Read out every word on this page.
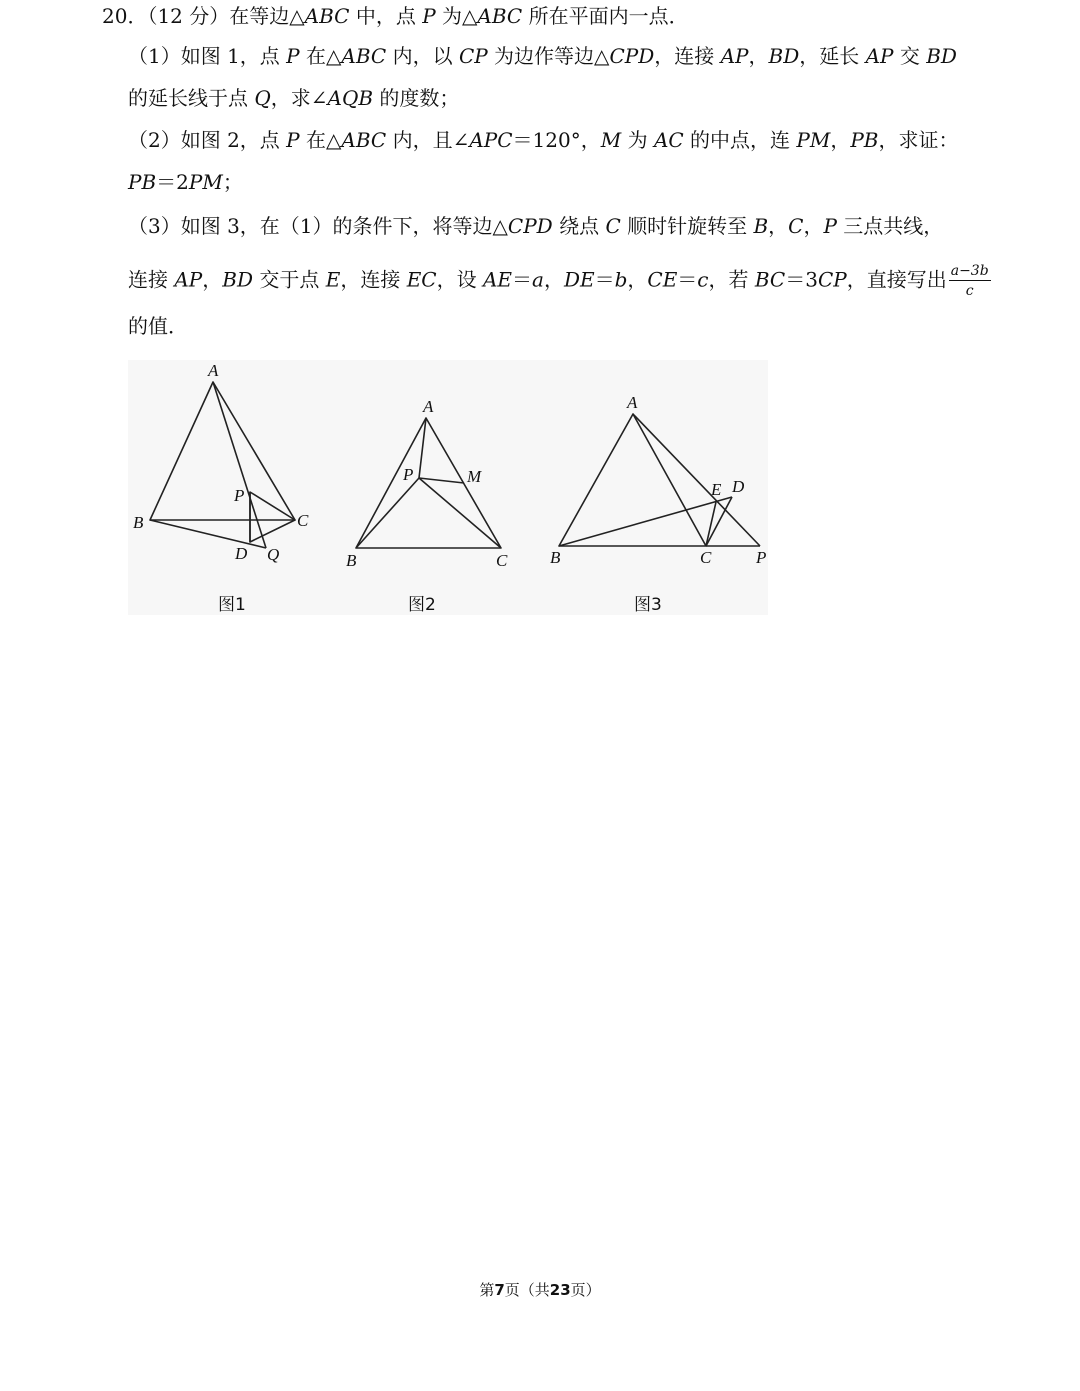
20．（12 分）在等边△ABC 中，点 P 为△ABC 所在平面内一点．
（1）如图 1，点 P 在△ABC 内，以 CP 为边作等边△CPD，连接 AP，BD，延长 AP 交 BD
的延长线于点 Q，求∠AQB 的度数；
（2）如图 2，点 P 在△ABC 内，且∠APC＝120°，M 为 AC 的中点，连 PM，PB，求证：
PB＝2PM；
（3）如图 3，在（1）的条件下，将等边△CPD 绕点 C 顺时针旋转至 B，C，P 三点共线，
连接 AP，BD 交于点 E，连接 EC，设 AE＝a，DE＝b，CE＝c，若 BC＝3CP，直接写出 $\frac{a-3b}{c}$
的值．
A
B	C
P
D Q
图1
A
B	C
P	M
图2
A
B	C	P
E D
图3
第7页（共23页）
